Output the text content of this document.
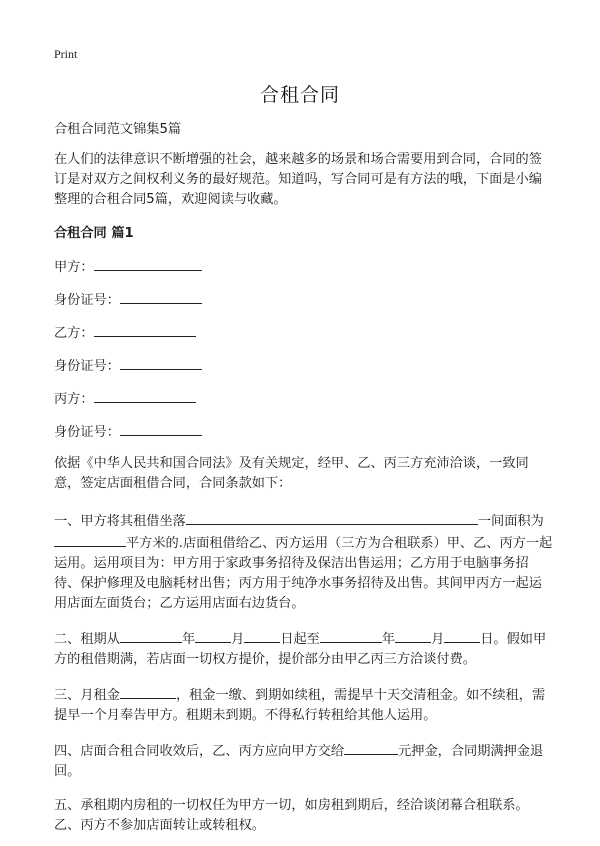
Print
合租合同

合租合同范文锦集5篇

在人们的法律意识不断增强的社会，越来越多的场景和场合需要用到合同，合同的签订是对双方之间权利义务的最好规范。知道吗，写合同可是有方法的哦，下面是小编整理的合租合同5篇，欢迎阅读与收藏。

合租合同 篇1

甲方：
身份证号：
乙方：
身份证号：
丙方：
身份证号：

依据《中华人民共和国合同法》及有关规定，经甲、乙、丙三方充沛洽谈，一致同意，签定店面租借合同，合同条款如下：

一、甲方将其租借坐落	一间面积为平方米的.店面租借给乙、丙方运用（三方为合租联系）甲、乙、丙方一起运用。运用项目为：甲方用于家政事务招待及保洁出售运用；乙方用于电脑事务招待、保护修理及电脑耗材出售；丙方用于纯净水事务招待及出售。其间甲丙方一起运用店面左面货台；乙方运用店面右边货台。

二、租期从	年	月	日起至	年	月	日。假如甲方的租借期满，若店面一切权方提价，提价部分由甲乙丙三方洽谈付费。

三、月租金	，租金一缴、到期如续租，需提早十天交清租金。如不续租，需提早一个月奉告甲方。租期未到期。不得私行转租给其他人运用。

四、店面合租合同收效后，乙、丙方应向甲方交给	元押金，合同期满押金退回。

五、承租期内房租的一切权任为甲方一切，如房租到期后，经洽谈闭幕合租联系。乙、丙方不参加店面转让或转租权。
